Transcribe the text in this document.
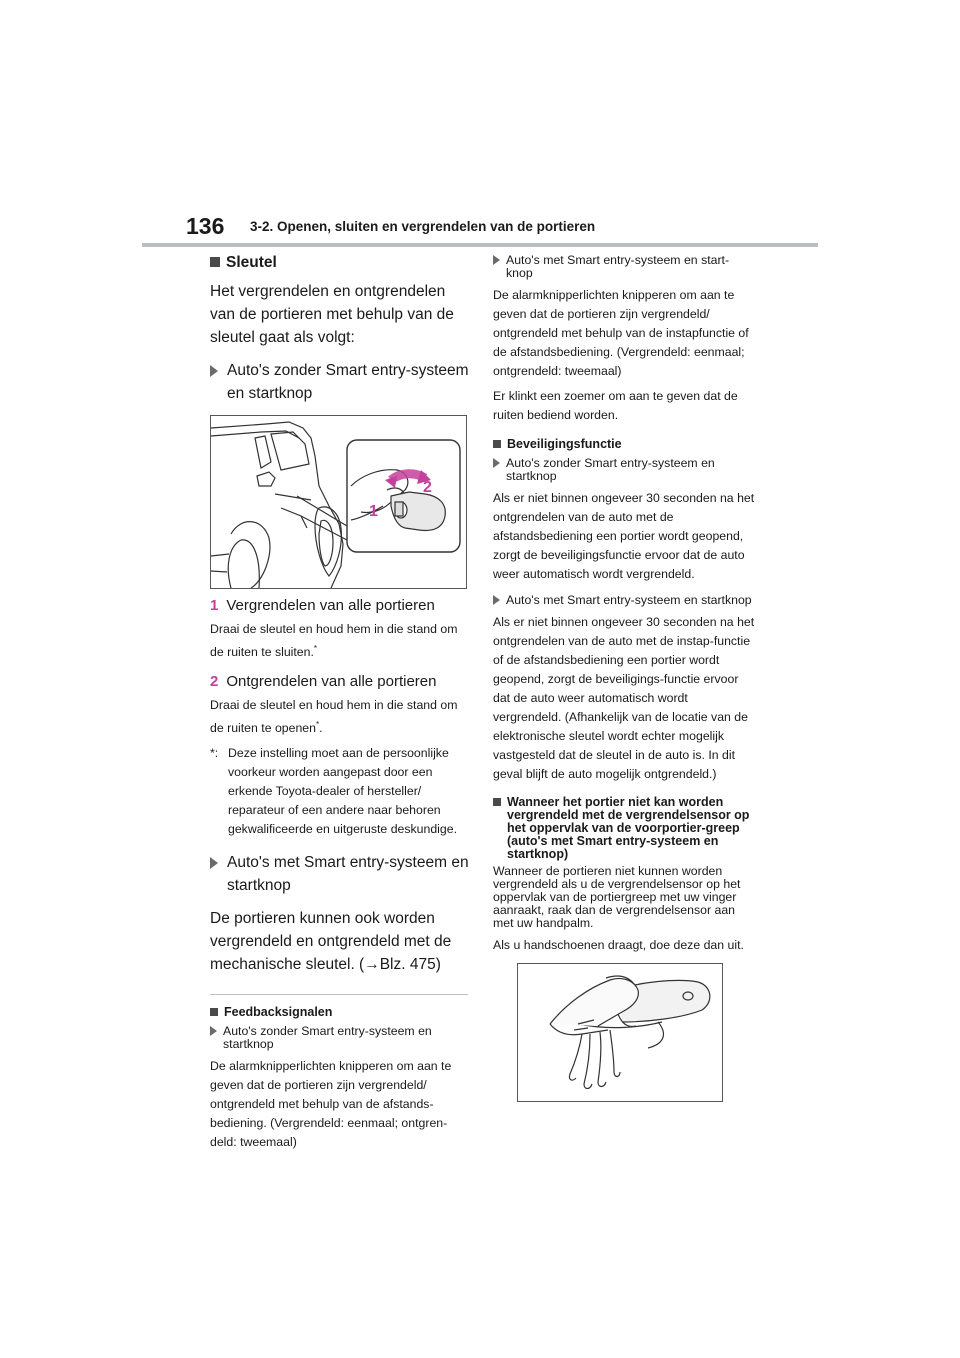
136 3-2. Openen, sluiten en vergrendelen van de portieren
Sleutel

Het vergrendelen en ontgrendelen van de portieren met behulp van de sleutel gaat als volgt:

Auto's zonder Smart entry-systeem en startknop
2
1
1 Vergrendelen van alle portieren

Draai de sleutel en houd hem in die stand om de ruiten te sluiten.*

2 Ontgrendelen van alle portieren

Draai de sleutel en houd hem in die stand om de ruiten te openen*.

*: Deze instelling moet aan de persoonlijke voorkeur worden aangepast door een erkende Toyota-dealer of hersteller/ reparateur of een andere naar behoren gekwalificeerde en uitgeruste deskundige.
Auto's met Smart entry-systeem en startknop

De portieren kunnen ook worden vergrendeld en ontgrendeld met de mechanische sleutel. (→Blz. 475)

Feedbacksignalen
Auto's zonder Smart entry-systeem en startknop

De alarmknipperlichten knipperen om aan te geven dat de portieren zijn vergrendeld/ ontgrendeld met behulp van de afstands-bediening. (Vergrendeld: eenmaal; ontgren-deld: tweemaal)

Auto's met Smart entry-systeem en start-knop

De alarmknipperlichten knipperen om aan te geven dat de portieren zijn vergrendeld/ ontgrendeld met behulp van de instapfunctie of de afstandsbediening. (Vergrendeld: eenmaal; ontgrendeld: tweemaal)

Er klinkt een zoemer om aan te geven dat de ruiten bediend worden.

Beveiligingsfunctie
Auto's zonder Smart entry-systeem en startknop

Als er niet binnen ongeveer 30 seconden na het ontgrendelen van de auto met de afstandsbediening een portier wordt geopend, zorgt de beveiligingsfunctie ervoor dat de auto weer automatisch wordt vergrendeld.

Auto's met Smart entry-systeem en startknop

Als er niet binnen ongeveer 30 seconden na het ontgrendelen van de auto met de instap-functie of de afstandsbediening een portier wordt geopend, zorgt de beveiligings-functie ervoor dat de auto weer automatisch wordt vergrendeld. (Afhankelijk van de locatie van de elektronische sleutel wordt echter mogelijk vastgesteld dat de sleutel in de auto is. In dit geval blijft de auto mogelijk ontgrendeld.)

Wanneer het portier niet kan worden vergrendeld met de vergrendelsensor op het oppervlak van de voorportier-greep (auto's met Smart entry-systeem en startknop)

Wanneer de portieren niet kunnen worden vergrendeld als u de vergrendelsensor op het oppervlak van de portiergreep met uw vinger aanraakt, raak dan de vergrendelsensor aan met uw handpalm.

Als u handschoenen draagt, doe deze dan uit.
